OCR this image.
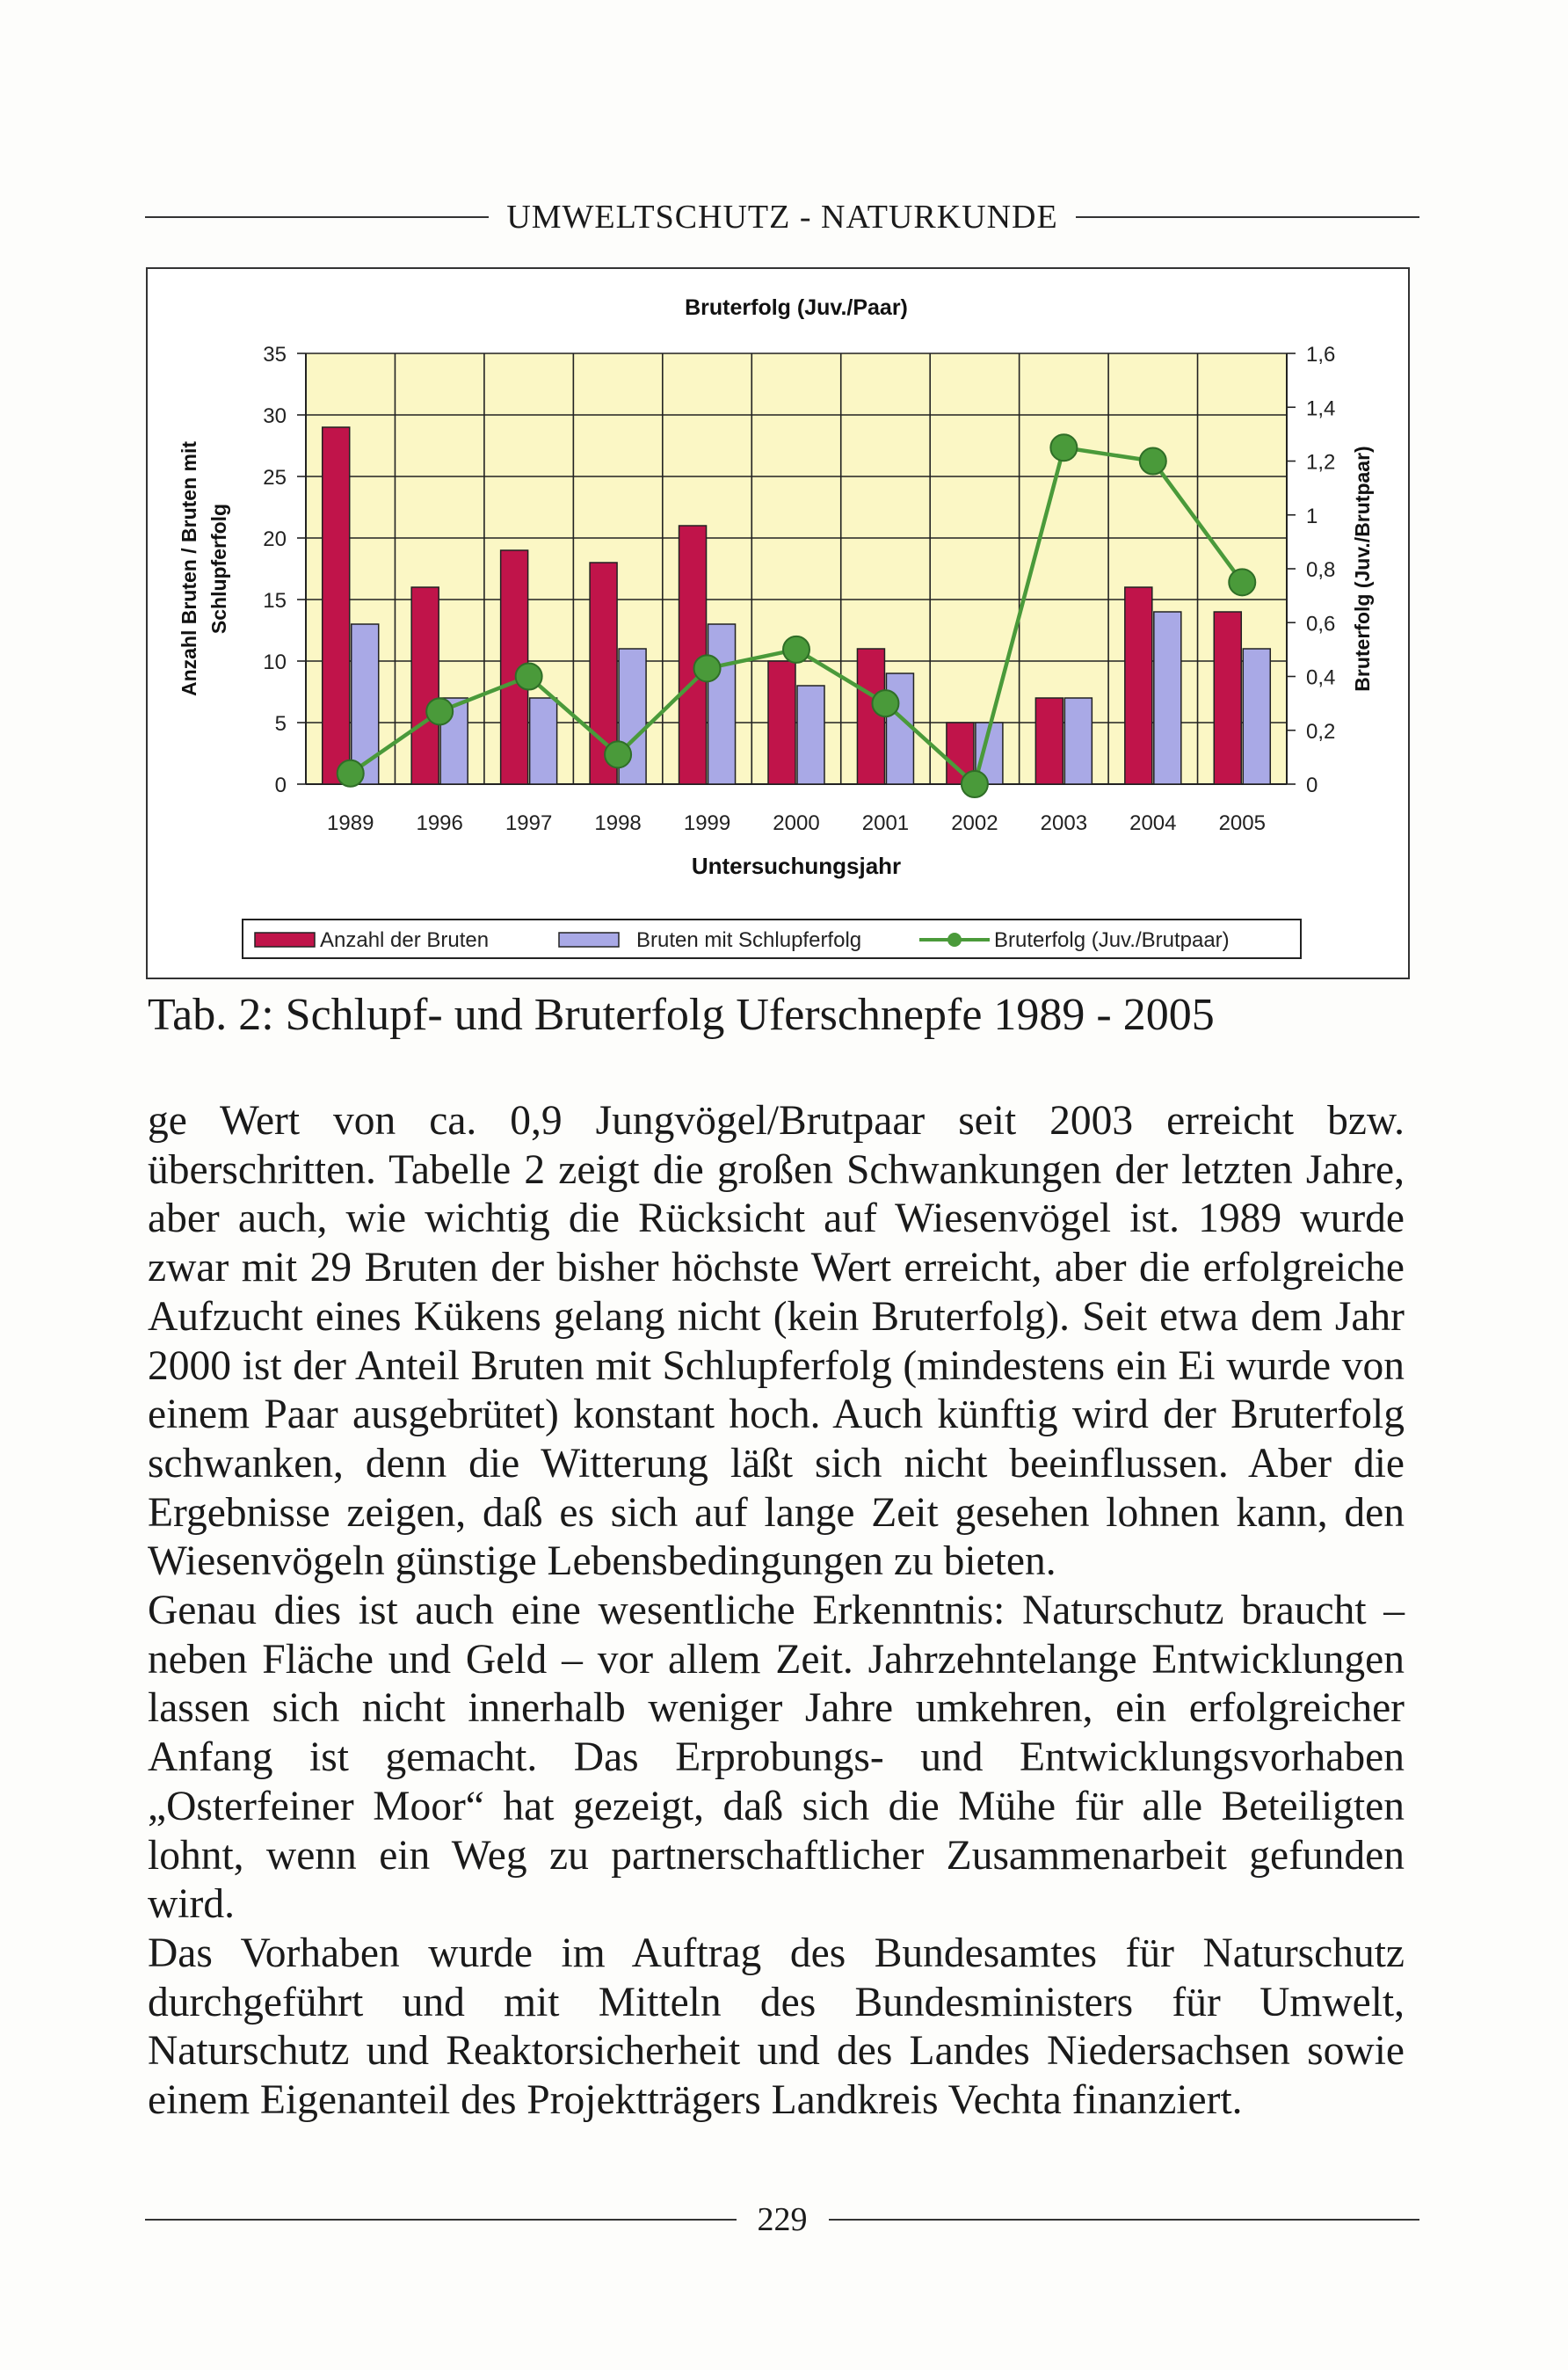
UMWELTSCHUTZ - NATURKUNDE
Bruterfolg (Juv./Paar)
0
5
10
15
20
25
30
35
0
0,2
0,4
0,6
0,8
1
1,2
1,4
1,6
1989 1996 1997 1998 1999 2000 2001 2002 2003 2004 2005
Untersuchungsjahr
Anzahl Bruten / Bruten mit Schlupferfolg	Bruterfolg (Juv./Brutpaar)
Anzahl der Bruten	Bruten mit Schlupferfolg	Bruterfolg (Juv./Brutpaar)
Tab. 2: Schlupf- und Bruterfolg Uferschnepfe 1989 - 2005

ge Wert von ca. 0,9 Jungvögel/Brutpaar seit 2003 erreicht bzw. überschritten. Tabelle 2 zeigt die großen Schwankungen der letzten Jahre, aber auch, wie wichtig die Rücksicht auf Wiesenvögel ist. 1989 wurde zwar mit 29 Bruten der bisher höchste Wert erreicht, aber die erfolgreiche Aufzucht eines Kükens gelang nicht (kein Bruterfolg). Seit etwa dem Jahr 2000 ist der Anteil Bruten mit Schlupferfolg (mindestens ein Ei wurde von einem Paar ausgebrütet) konstant hoch. Auch künftig wird der Bruterfolg schwanken, denn die Witterung läßt sich nicht beeinflussen. Aber die Ergebnisse zeigen, daß es sich auf lange Zeit gesehen lohnen kann, den Wiesenvögeln günstige Lebensbedingungen zu bieten.

Genau dies ist auch eine wesentliche Erkenntnis: Naturschutz braucht – neben Fläche und Geld – vor allem Zeit. Jahrzehntelange Entwicklungen lassen sich nicht innerhalb weniger Jahre umkehren, ein erfolgreicher Anfang ist gemacht. Das Erprobungs- und Entwicklungsvorhaben „Osterfeiner Moor“ hat gezeigt, daß sich die Mühe für alle Beteiligten lohnt, wenn ein Weg zu partnerschaftlicher Zusammenarbeit gefunden wird.

Das Vorhaben wurde im Auftrag des Bundesamtes für Naturschutz durchgeführt und mit Mitteln des Bundesministers für Umwelt, Naturschutz und Reaktorsicherheit und des Landes Niedersachsen sowie einem Eigenanteil des Projektträgers Landkreis Vechta finanziert.

229
